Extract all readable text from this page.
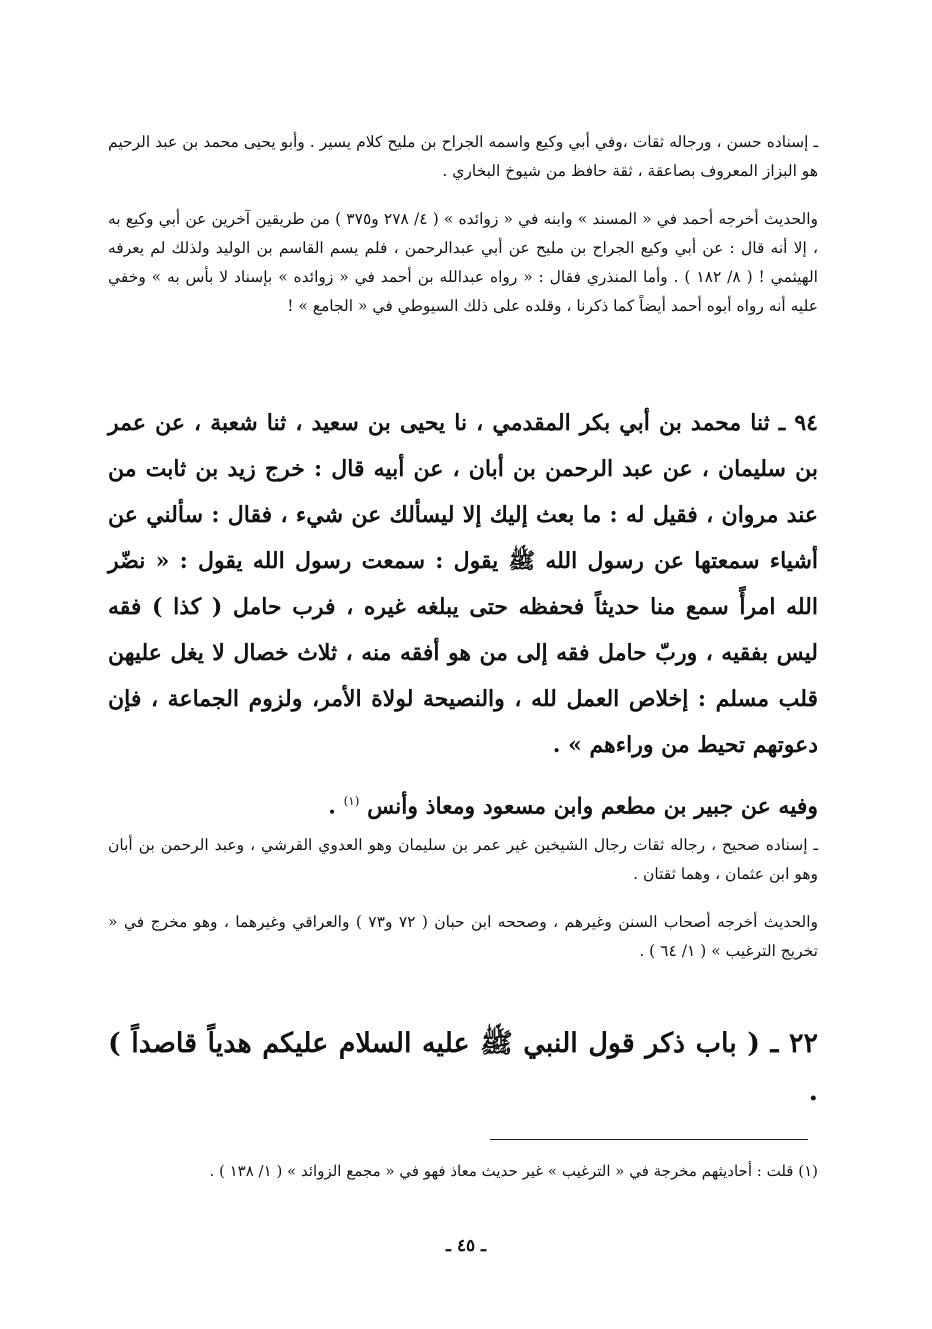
ـ إسناده حسن ، ورجاله ثقات ،وفي أبي وكيع واسمه الجراح بن مليح كلام يسير . وأبو يحيى محمد بن عبد الرحيم هو البزاز المعروف بصاعقة ، ثقة حافظ من شيوخ البخاري .

والحديث أخرجه أحمد في « المسند » وابنه في « زوائده » ( ٤/ ٢٧٨ و٣٧٥ ) من طريقين آخرين عن أبي وكيع به ، إلا أنه قال : عن أبي وكيع الجراح بن مليح عن أبي عبدالرحمن ، فلم يسم القاسم بن الوليد ولذلك لم يعرفه الهيثمي ! ( ٨/ ١٨٢ ) . وأما المنذري فقال : « رواه عبدالله بن أحمد في « زوائده » بإسناد لا بأس به » وخفي عليه أنه رواه أبوه أحمد أيضاً كما ذكرنا ، وقلده على ذلك السيوطي في « الجامع » !

٩٤ ـ ثنا محمد بن أبي بكر المقدمي ، نا يحيى بن سعيد ، ثنا شعبة ، عن عمر بن سليمان ، عن عبد الرحمن بن أبان ، عن أبيه قال : خرج زيد بن ثابت من عند مروان ، فقيل له : ما بعث إليك إلا ليسألك عن شيء ، فقال : سألني عن أشياء سمعتها عن رسول الله ﷺ يقول : سمعت رسول الله يقول : « نضّر الله امرأً سمع منا حديثاً فحفظه حتى يبلغه غيره ، فرب حامل ( كذا ) فقه ليس بفقيه ، وربّ حامل فقه إلى من هو أفقه منه ، ثلاث خصال لا يغل عليهن قلب مسلم : إخلاص العمل لله ، والنصيحة لولاة الأمر، ولزوم الجماعة ، فإن دعوتهم تحيط من وراءهم » .

وفيه عن جبير بن مطعم وابن مسعود ومعاذ وأنس $^{(١)}$ .

ـ إسناده صحيح ، رجاله ثقات رجال الشيخين غير عمر بن سليمان وهو العدوي القرشي ، وعبد الرحمن بن أبان وهو ابن عثمان ، وهما ثقتان .

والحديث أخرجه أصحاب السنن وغيرهم ، وصححه ابن حبان ( ٧٢ و٧٣ ) والعراقي وغيرهما ، وهو مخرج في « تخريج الترغيب » ( ١/ ٦٤ ) .

٢٢ ـ ( باب ذكر قول النبي ﷺ عليه السلام عليكم هدياً قاصداً ) .

(١) قلت : أحاديثهم مخرجة في « الترغيب » غير حديث معاذ فهو في « مجمع الزوائد » ( ١/ ١٣٨ ) .

ـ ٤٥ ـ
